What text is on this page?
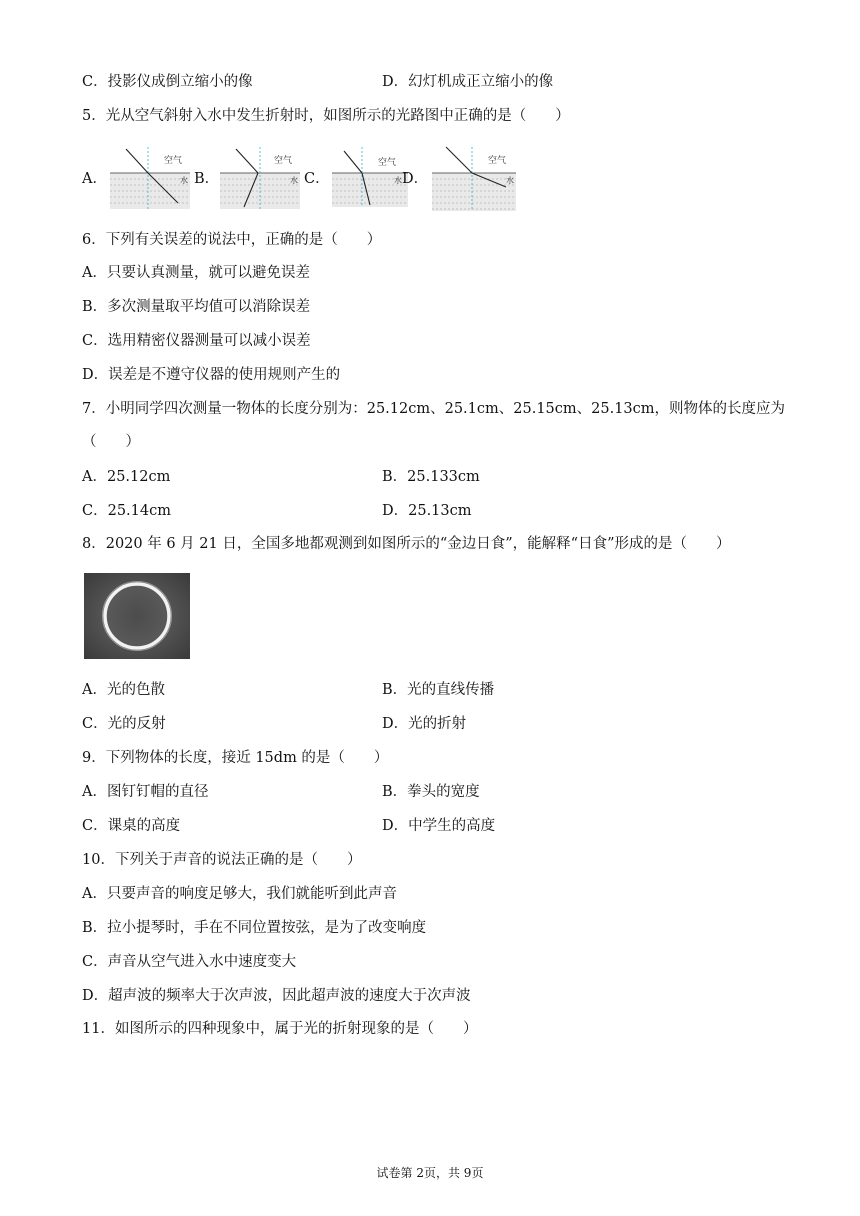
C．投影仪成倒立缩小的像	D．幻灯机成正立缩小的像
5．光从空气斜射入水中发生折射时，如图所示的光路图中正确的是（　　）
A．
空气
水 B．
空气
水 C．
空气
水 D．
空气
水
6．下列有关误差的说法中，正确的是（　　）
A．只要认真测量，就可以避免误差
B．多次测量取平均值可以消除误差
C．选用精密仪器测量可以减小误差
D．误差是不遵守仪器的使用规则产生的
7．小明同学四次测量一物体的长度分别为：25.12cm、25.1cm、25.15cm、25.13cm，则物体的长度应为
（　　）
A．25.12cm	B．25.133cm
C．25.14cm	D．25.13cm
8．2020 年 6 月 21 日，全国多地都观测到如图所示的“金边日食”，能解释“日食”形成的是（　　）
A．光的色散	B．光的直线传播
C．光的反射	D．光的折射
9．下列物体的长度，接近 15dm 的是（　　）
A．图钉钉帽的直径	B．拳头的宽度
C．课桌的高度	D．中学生的高度
10．下列关于声音的说法正确的是（　　）
A．只要声音的响度足够大，我们就能听到此声音
B．拉小提琴时，手在不同位置按弦，是为了改变响度
C．声音从空气进入水中速度变大
D．超声波的频率大于次声波，因此超声波的速度大于次声波
11．如图所示的四种现象中，属于光的折射现象的是（　　）
试卷第 2页，共 9页
